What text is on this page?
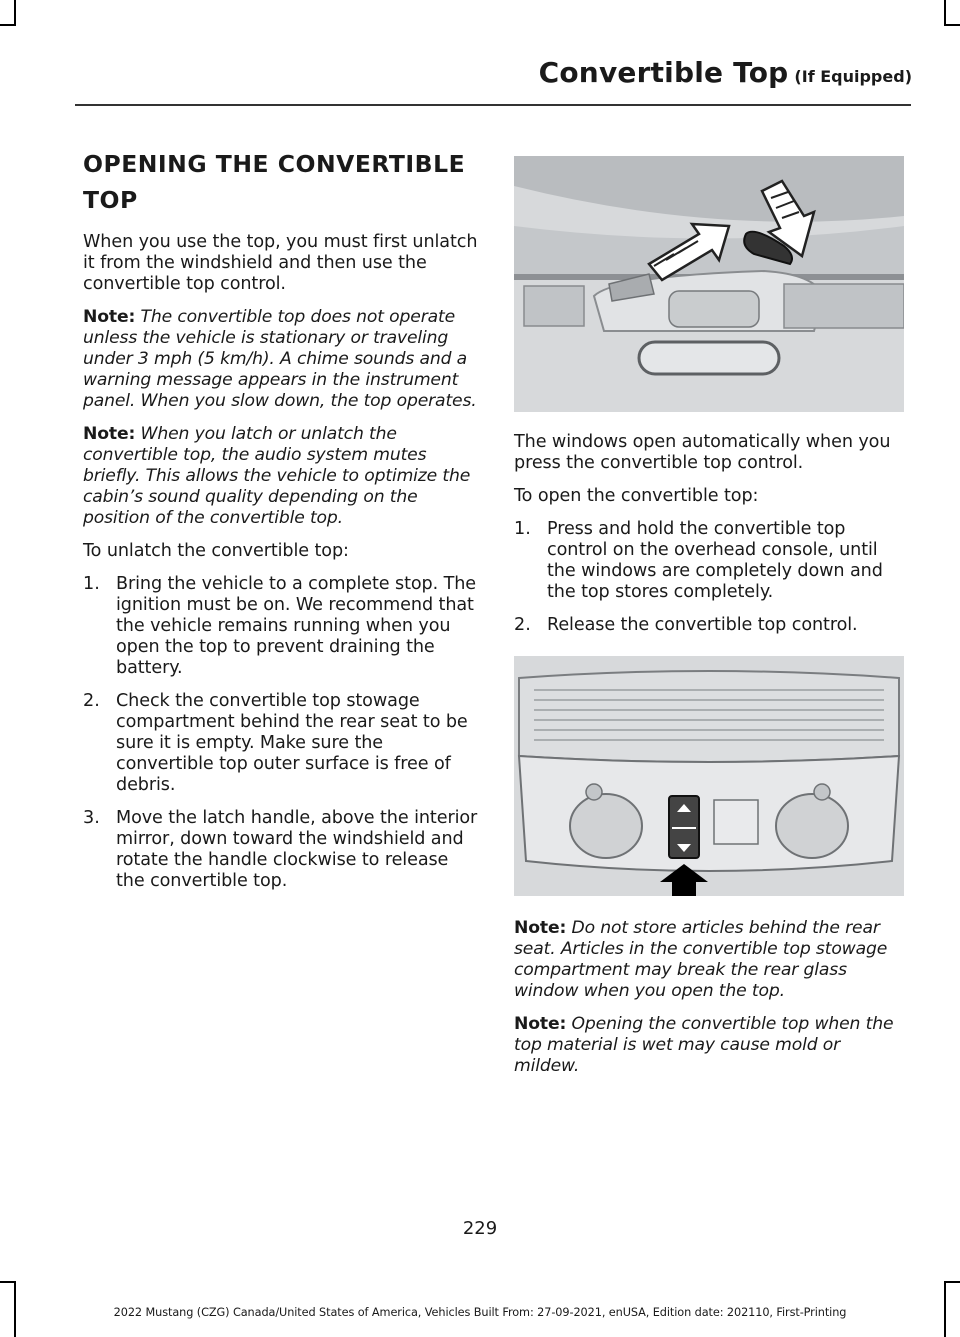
Convertible Top (If Equipped)
OPENING THE CONVERTIBLE TOP

When you use the top, you must first unlatch it from the windshield and then use the convertible top control.

Note: The convertible top does not operate unless the vehicle is stationary or traveling under 3 mph (5 km/h). A chime sounds and a warning message appears in the instrument panel. When you slow down, the top operates.

Note: When you latch or unlatch the convertible top, the audio system mutes briefly. This allows the vehicle to optimize the cabin’s sound quality depending on the position of the convertible top.

To unlatch the convertible top:

1. Bring the vehicle to a complete stop. The ignition must be on. We recommend that the vehicle remains running when you open the top to prevent draining the battery.
2. Check the convertible top stowage compartment behind the rear seat to be sure it is empty. Make sure the convertible top outer surface is free of debris.
3. Move the latch handle, above the interior mirror, down toward the windshield and rotate the handle clockwise to release the convertible top.

The windows open automatically when you press the convertible top control.

To open the convertible top:

1. Press and hold the convertible top control on the overhead console, until the windows are completely down and the top stores completely.
2. Release the convertible top control.

Note: Do not store articles behind the rear seat. Articles in the convertible top stowage compartment may break the rear glass window when you open the top.

Note: Opening the convertible top when the top material is wet may cause mold or mildew.

229
2022 Mustang (CZG) Canada/United States of America, Vehicles Built From: 27-09-2021, enUSA, Edition date: 202110, First-Printing
